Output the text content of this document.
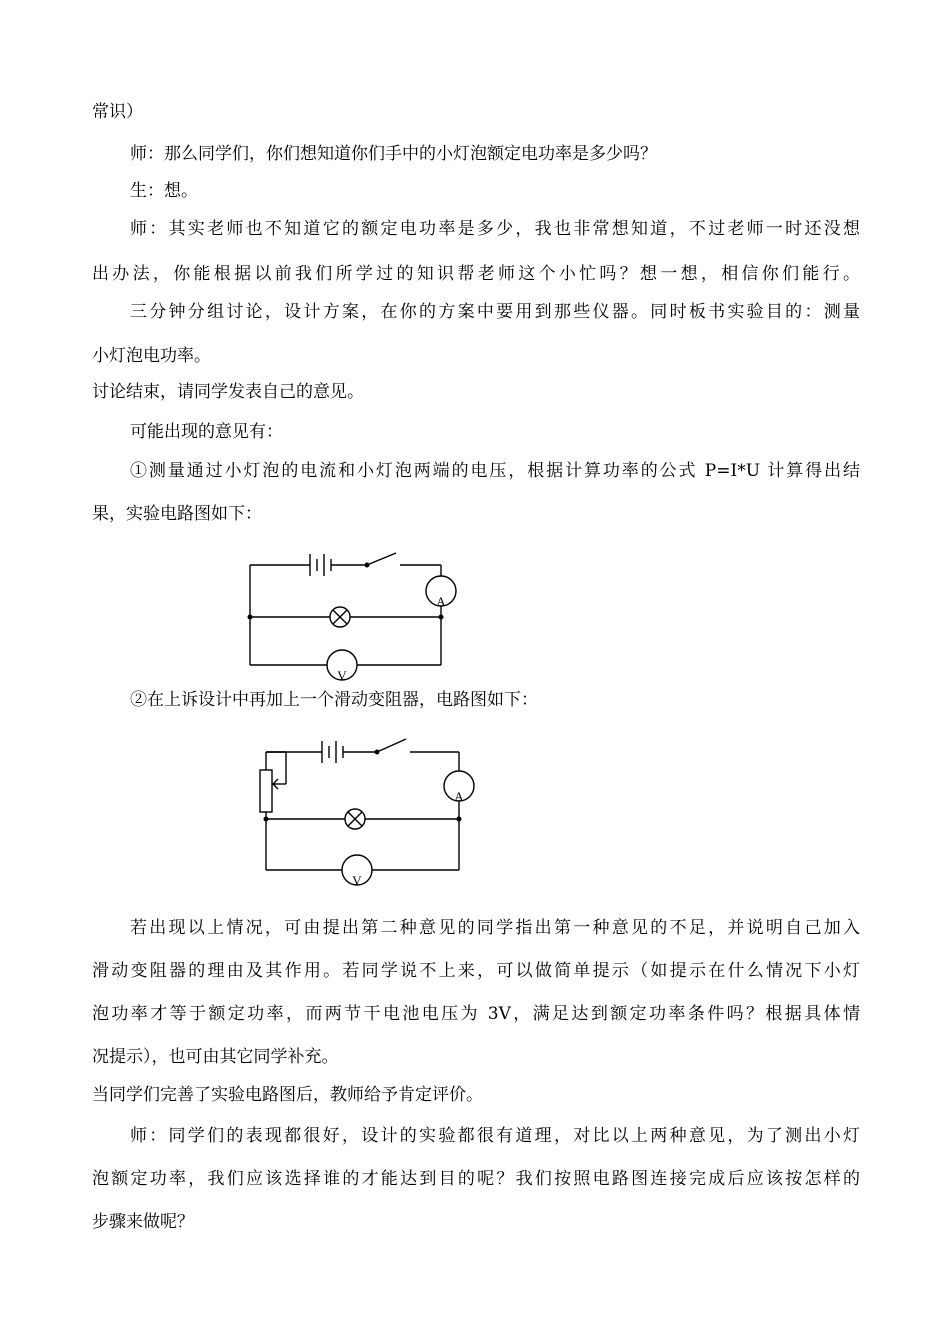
常识）
师：那么同学们，你们想知道你们手中的小灯泡额定电功率是多少吗？
生：想。
师：其实老师也不知道它的额定电功率是多少，我也非常想知道，不过老师一时还没想
出办法，你能根据以前我们所学过的知识帮老师这个小忙吗？想一想，相信你们能行。
三分钟分组讨论，设计方案，在你的方案中要用到那些仪器。同时板书实验目的：测量
小灯泡电功率。
讨论结束，请同学发表自己的意见。
可能出现的意见有：
①测量通过小灯泡的电流和小灯泡两端的电压，根据计算功率的公式 P=I*U 计算得出结
果，实验电路图如下：
A
V
②在上诉设计中再加上一个滑动变阻器，电路图如下：
A
V
若出现以上情况，可由提出第二种意见的同学指出第一种意见的不足，并说明自己加入
滑动变阻器的理由及其作用。若同学说不上来，可以做简单提示（如提示在什么情况下小灯
泡功率才等于额定功率，而两节干电池电压为 3V，满足达到额定功率条件吗？根据具体情
况提示），也可由其它同学补充。
当同学们完善了实验电路图后，教师给予肯定评价。
师：同学们的表现都很好，设计的实验都很有道理，对比以上两种意见，为了测出小灯
泡额定功率，我们应该选择谁的才能达到目的呢？我们按照电路图连接完成后应该按怎样的
步骤来做呢？
